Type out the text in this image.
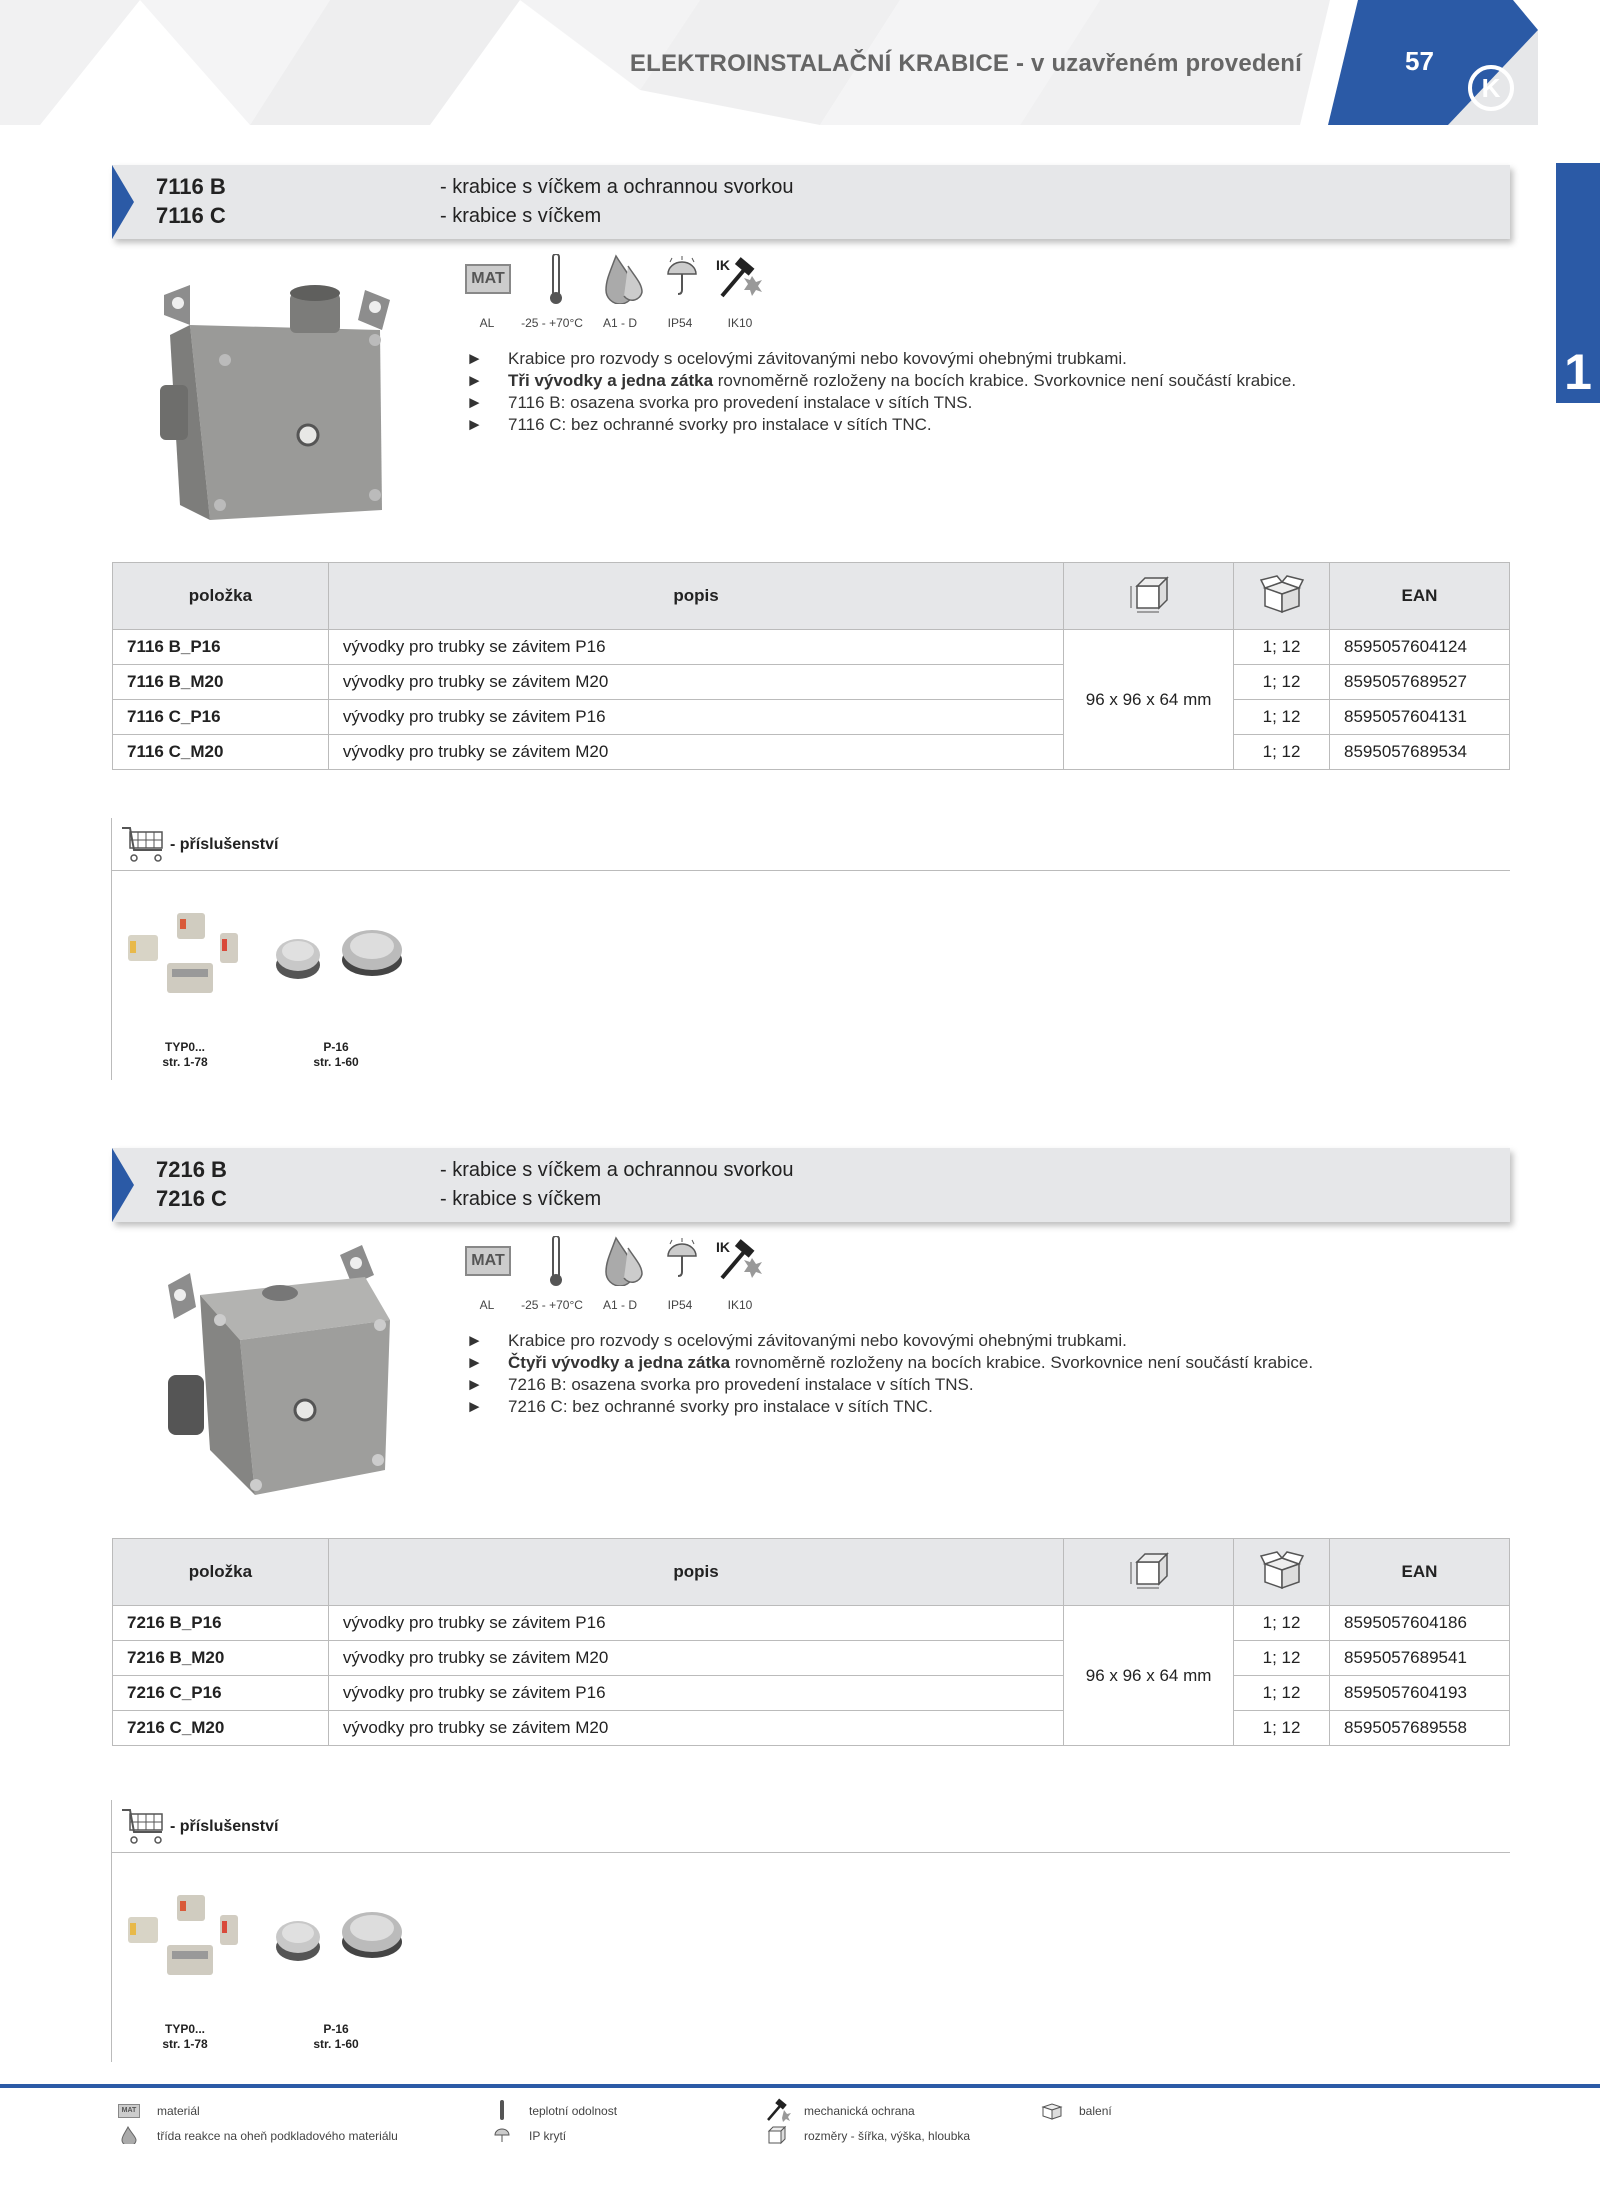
ELEKTROINSTALAČNÍ KRABICE - v uzavřeném provedení
K
57
1
7116 B	- krabice s víčkem a ochrannou svorkou
7116 C	- krabice s víčkem
MAT
IK
AL	-25 - +70°C	A1 - D	IP54	IK10
► Krabice pro rozvody s ocelovými závitovanými nebo kovovými ohebnými trubkami.
► Tři vývodky a jedna zátka rovnoměrně rozloženy na bocích krabice. Svorkovnice není součástí krabice.
► 7116 B: osazena svorka pro provedení instalace v sítích TNS.
► 7116 C: bez ochranné svorky pro instalace v sítích TNC.
položka	popis			EAN
7116 B_P16	vývodky pro trubky se závitem P16	96 x 96 x 64 mm	1; 12	8595057604124
7116 B_M20	vývodky pro trubky se závitem M20		1; 12	8595057689527
7116 C_P16	vývodky pro trubky se závitem P16		1; 12	8595057604131
7116 C_M20	vývodky pro trubky se závitem M20		1; 12	8595057689534
- příslušenství
TYP0...
str. 1-78
P-16
str. 1-60
7216 B	- krabice s víčkem a ochrannou svorkou
7216 C	- krabice s víčkem
MAT
IK
AL	-25 - +70°C	A1 - D	IP54	IK10
► Krabice pro rozvody s ocelovými závitovanými nebo kovovými ohebnými trubkami.
► Čtyři vývodky a jedna zátka rovnoměrně rozloženy na bocích krabice. Svorkovnice není součástí krabice.
► 7216 B: osazena svorka pro provedení instalace v sítích TNS.
► 7216 C: bez ochranné svorky pro instalace v sítích TNC.
položka	popis			EAN
7216 B_P16	vývodky pro trubky se závitem P16	96 x 96 x 64 mm	1; 12	8595057604186
7216 B_M20	vývodky pro trubky se závitem M20		1; 12	8595057689541
7216 C_P16	vývodky pro trubky se závitem P16		1; 12	8595057604193
7216 C_M20	vývodky pro trubky se závitem M20		1; 12	8595057689558
- příslušenství
TYP0...
str. 1-78
P-16
str. 1-60
MAT	materiál
třída reakce na oheň podkladového materiálu
teplotní odolnost
IP krytí
mechanická ochrana
rozměry - šířka, výška, hloubka
balení
